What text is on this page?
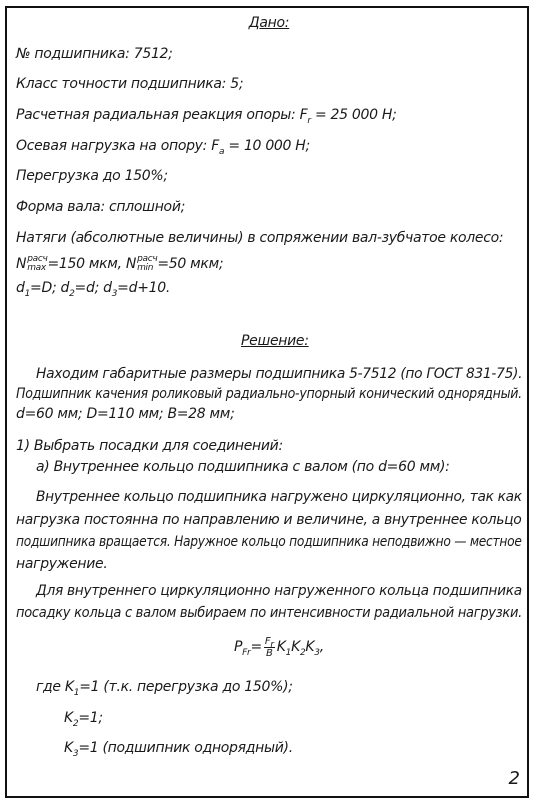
Дано:
№ подшипника: 7512;
Класс точности подшипника: 5;
Расчетная радиальная реакция опоры: $F_r = 25$ 000 Н;
Осевая нагрузка на опору: $F_a = 10$ 000 Н;
Перегрузка до 150%;
Форма вала: сплошной;
Натяги (абсолютные величины) в сопряжении вал-зубчатое колесо:
N расч
max =150 мкм, N расч
min =50 мкм;
$d_1=D$; $d_2=d$; $d_3=d+10$.
Решение:
Находим габаритные размеры подшипника 5-7512 (по ГОСТ 831-75).
Подшипник качения роликовый радиально-упорный конический однорядный.
d=60 мм; D=110 мм; B=28 мм;
1) Выбрать посадки для соединений:
а) Внутреннее кольцо подшипника с валом (по d=60 мм):
Внутреннее кольцо подшипника нагружено циркуляционно, так как
нагрузка постоянна по направлению и величине, а внутреннее кольцо
подшипника вращается. Наружное кольцо подшипника неподвижно — местное
нагружение.
Для внутреннего циркуляционно нагруженного кольца подшипника
посадку кольца с валом выбираем по интенсивности радиальной нагрузки.
$P_{Fr}= \frac{F_r}{B} K_1K_2K_3$,
где $K_1=1$ (т.к. перегрузка до 150%);
$K_2=1$;
$K_3=1$ (подшипник однорядный).
2
